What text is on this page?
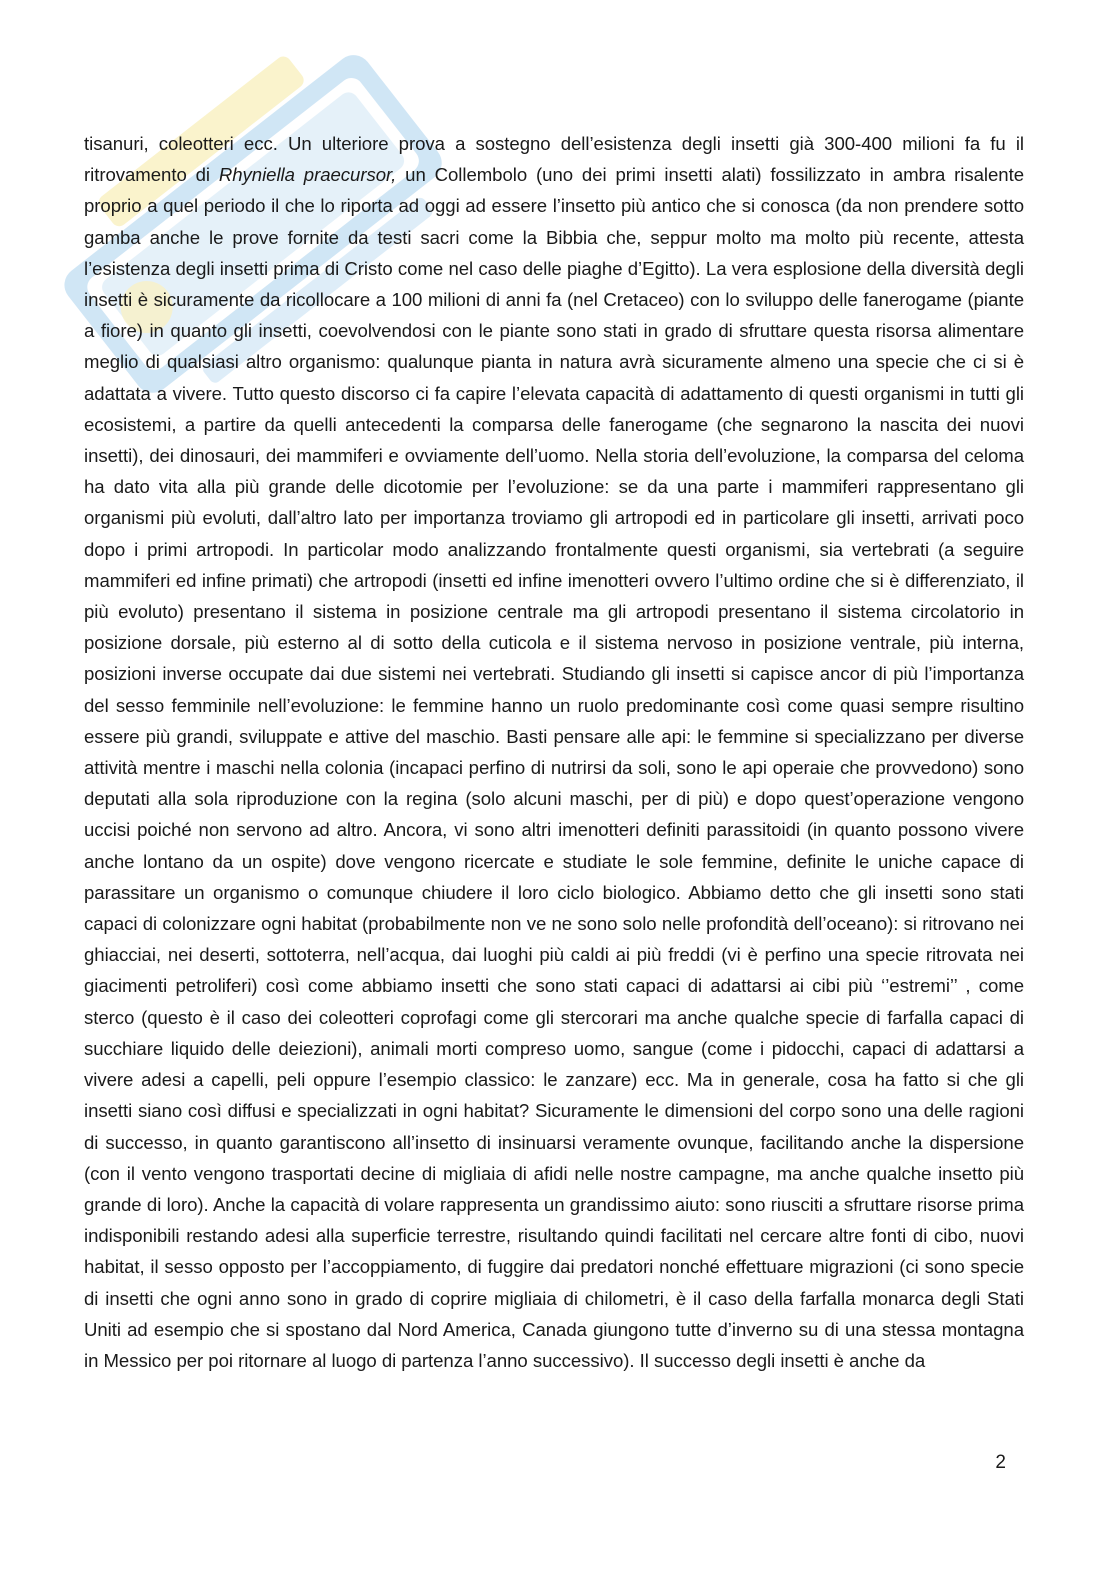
tisanuri, coleotteri ecc. Un ulteriore prova a sostegno dell’esistenza degli insetti già 300-400 milioni fa fu il ritrovamento di Rhyniella praecursor, un Collembolo (uno dei primi insetti alati) fossilizzato in ambra risalente proprio a quel periodo il che lo riporta ad oggi ad essere l’insetto più antico che si conosca (da non prendere sotto gamba anche le prove fornite da testi sacri come la Bibbia che, seppur molto ma molto più recente, attesta l’esistenza degli insetti prima di Cristo come nel caso delle piaghe d’Egitto). La vera esplosione della diversità degli insetti è sicuramente da ricollocare a 100 milioni di anni fa (nel Cretaceo) con lo sviluppo delle fanerogame (piante a fiore) in quanto gli insetti, coevolvendosi con le piante sono stati in grado di sfruttare questa risorsa alimentare meglio di qualsiasi altro organismo: qualunque pianta in natura avrà sicuramente almeno una specie che ci si è adattata a vivere. Tutto questo discorso ci fa capire l’elevata capacità di adattamento di questi organismi in tutti gli ecosistemi, a partire da quelli antecedenti la comparsa delle fanerogame (che segnarono la nascita dei nuovi insetti), dei dinosauri, dei mammiferi e ovviamente dell’uomo. Nella storia dell’evoluzione, la comparsa del celoma ha dato vita alla più grande delle dicotomie per l’evoluzione: se da una parte i mammiferi rappresentano gli organismi più evoluti, dall’altro lato per importanza troviamo gli artropodi ed in particolare gli insetti, arrivati poco dopo i primi artropodi. In particolar modo analizzando frontalmente questi organismi, sia vertebrati (a seguire mammiferi ed infine primati) che artropodi (insetti ed infine imenotteri ovvero l’ultimo ordine che si è differenziato, il più evoluto) presentano il sistema in posizione centrale ma gli artropodi presentano il sistema circolatorio in posizione dorsale, più esterno al di sotto della cuticola e il sistema nervoso in posizione ventrale, più interna, posizioni inverse occupate dai due sistemi nei vertebrati. Studiando gli insetti si capisce ancor di più l’importanza del sesso femminile nell’evoluzione: le femmine hanno un ruolo predominante così come quasi sempre risultino essere più grandi, sviluppate e attive del maschio. Basti pensare alle api: le femmine si specializzano per diverse attività mentre i maschi nella colonia (incapaci perfino di nutrirsi da soli, sono le api operaie che provvedono) sono deputati alla sola riproduzione con la regina (solo alcuni maschi, per di più) e dopo quest’operazione vengono uccisi poiché non servono ad altro. Ancora, vi sono altri imenotteri definiti parassitoidi (in quanto possono vivere anche lontano da un ospite) dove vengono ricercate e studiate le sole femmine, definite le uniche capace di parassitare un organismo o comunque chiudere il loro ciclo biologico. Abbiamo detto che gli insetti sono stati capaci di colonizzare ogni habitat (probabilmente non ve ne sono solo nelle profondità dell’oceano): si ritrovano nei ghiacciai, nei deserti, sottoterra, nell’acqua, dai luoghi più caldi ai più freddi (vi è perfino una specie ritrovata nei giacimenti petroliferi) così come abbiamo insetti che sono stati capaci di adattarsi ai cibi più ‘’estremi’’ , come sterco (questo è il caso dei coleotteri coprofagi come gli stercorari ma anche qualche specie di farfalla capaci di succhiare liquido delle deiezioni), animali morti compreso uomo, sangue (come i pidocchi, capaci di adattarsi a vivere adesi a capelli, peli oppure l’esempio classico: le zanzare) ecc. Ma in generale, cosa ha fatto si che gli insetti siano così diffusi e specializzati in ogni habitat? Sicuramente le dimensioni del corpo sono una delle ragioni di successo, in quanto garantiscono all’insetto di insinuarsi veramente ovunque, facilitando anche la dispersione (con il vento vengono trasportati decine di migliaia di afidi nelle nostre campagne, ma anche qualche insetto più grande di loro). Anche la capacità di volare rappresenta un grandissimo aiuto: sono riusciti a sfruttare risorse prima indisponibili restando adesi alla superficie terrestre, risultando quindi facilitati nel cercare altre fonti di cibo, nuovi habitat, il sesso opposto per l’accoppiamento, di fuggire dai predatori nonché effettuare migrazioni (ci sono specie di insetti che ogni anno sono in grado di coprire migliaia di chilometri, è il caso della farfalla monarca degli Stati Uniti ad esempio che si spostano dal Nord America, Canada giungono tutte d’inverno su di una stessa montagna in Messico per poi ritornare al luogo di partenza l’anno successivo). Il successo degli insetti è anche da

2
